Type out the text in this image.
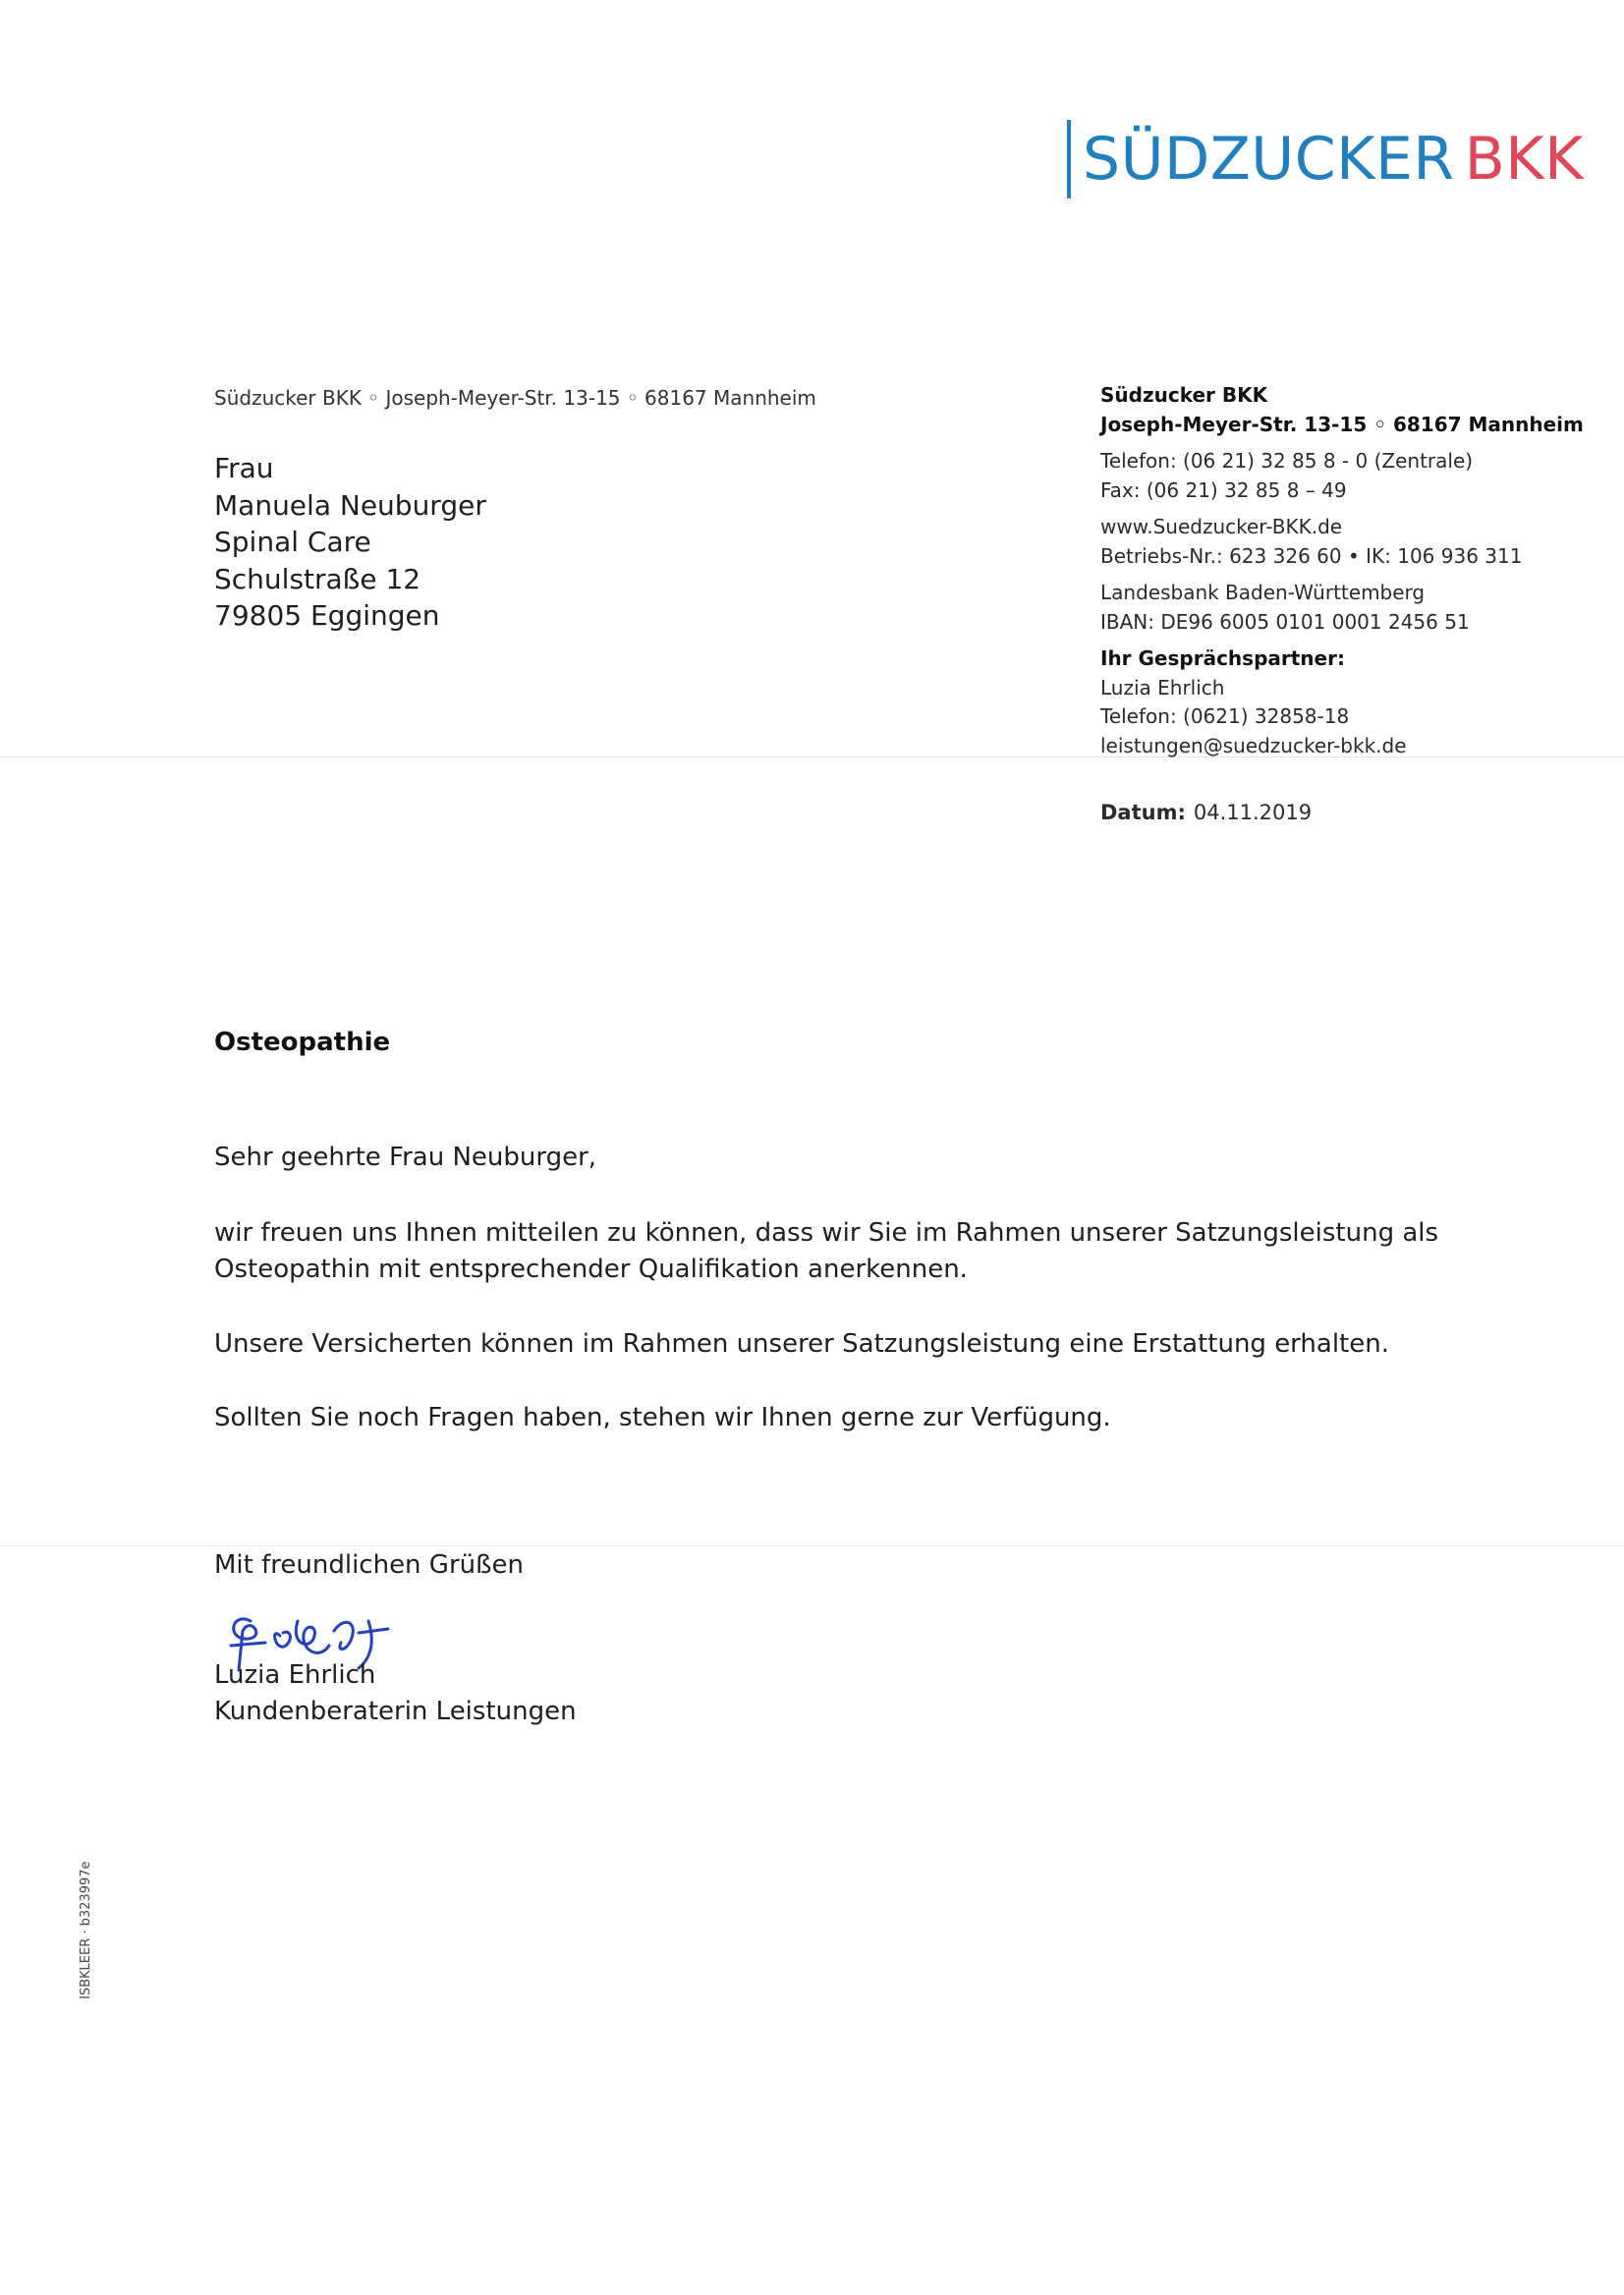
SÜDZUCKER BKK
Südzucker BKK ◦ Joseph-Meyer-Str. 13-15 ◦ 68167 Mannheim
Frau
Manuela Neuburger
Spinal Care
Schulstraße 12
79805 Eggingen
Südzucker BKK
Joseph-Meyer-Str. 13-15 ◦ 68167 Mannheim
Telefon: (06 21) 32 85 8 - 0 (Zentrale)
Fax: (06 21) 32 85 8 – 49
www.Suedzucker-BKK.de
Betriebs-Nr.: 623 326 60 • IK: 106 936 311
Landesbank Baden-Württemberg
IBAN: DE96 6005 0101 0001 2456 51
Ihr Gesprächspartner:
Luzia Ehrlich
Telefon: (0621) 32858-18
leistungen@suedzucker-bkk.de
Datum: 04.11.2019
Osteopathie
Sehr geehrte Frau Neuburger,
wir freuen uns Ihnen mitteilen zu können, dass wir Sie im Rahmen unserer Satzungsleistung als
Osteopathin mit entsprechender Qualifikation anerkennen.
Unsere Versicherten können im Rahmen unserer Satzungsleistung eine Erstattung erhalten.
Sollten Sie noch Fragen haben, stehen wir Ihnen gerne zur Verfügung.
Mit freundlichen Grüßen
Luzia Ehrlich
Kundenberaterin Leistungen
ISBKLEER · b323997e
